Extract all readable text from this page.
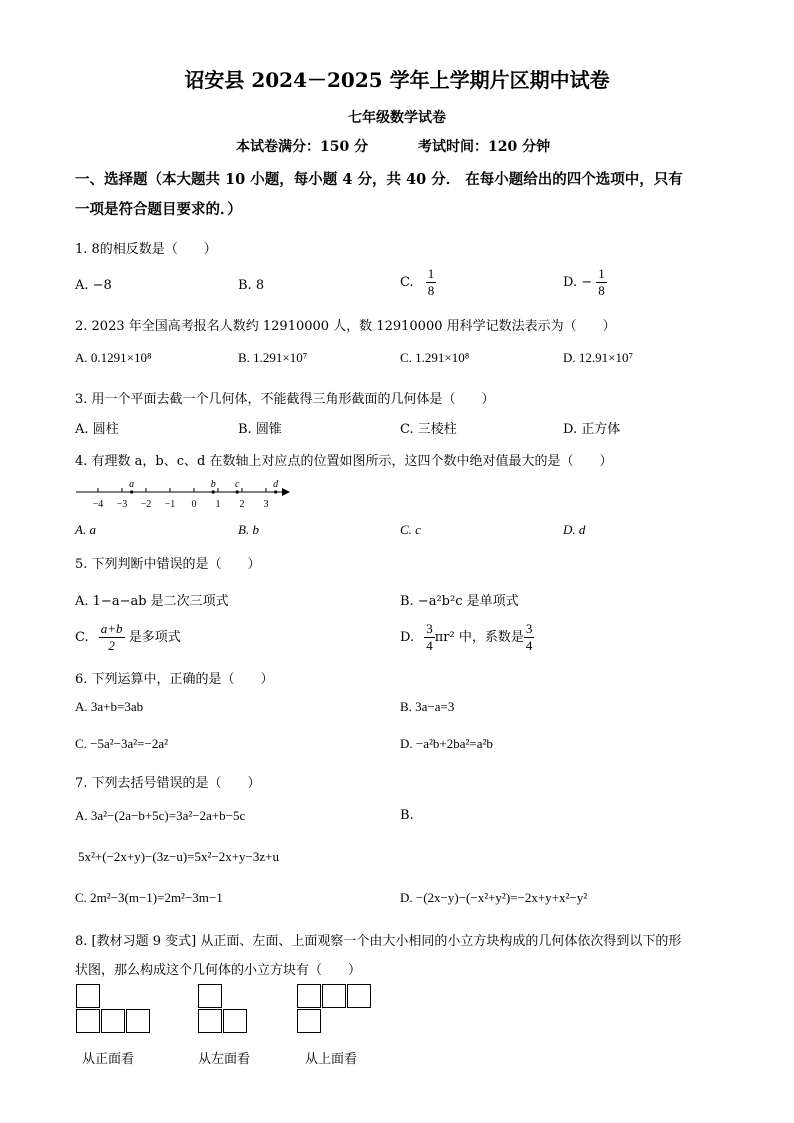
诏安县 2024－2025 学年上学期片区期中试卷
七年级数学试卷
本试卷满分：150 分	考试时间：120 分钟
一、选择题（本大题共 10 小题，每小题 4 分，共 40 分． 在每小题给出的四个选项中，只有
一项是符合题目要求的．）
1. 8的相反数是（　　）
A. −8	B. 8	C. $\frac{1}{8}$	D. − $\frac{1}{8}$
2. 2023 年全国高考报名人数约 12910000 人，数 12910000 用科学记数法表示为（　　）
A. 0.1291×10⁸	B. 1.291×10⁷	C. 1.291×10⁸	D. 12.91×10⁷
3. 用一个平面去截一个几何体，不能截得三角形截面的几何体是（　　）
A. 圆柱	B. 圆锥	C. 三棱柱	D. 正方体
4. 有理数 a，b、c、d 在数轴上对应点的位置如图所示，这四个数中绝对值最大的是（　　）
−4 −3 −2 −1 0 1 2 3
a	b c	d
A. a	B. b	C. c	D. d
5. 下列判断中错误的是（　　）
A. 1−a−ab 是二次三项式	B. −a²b²c 是单项式
C. $\frac{a+b}{2}$ 是多项式	D. $\frac{3}{4} \pi r^2$ 中，系数是 $\frac{3}{4}$
6. 下列运算中，正确的是（　　）
A. 3a+b=3ab	B. 3a−a=3
C. −5a²−3a²=−2a²	D. −a²b+2ba²=a²b
7. 下列去括号错误的是（　　）
A. 3a²−(2a−b+5c)=3a²−2a+b−5c	B.
5x²+(−2x+y)−(3z−u)=5x²−2x+y−3z+u
C. 2m²−3(m−1)=2m²−3m−1	D. −(2x−y)−(−x²+y²)=−2x+y+x²−y²
8. [教材习题 9 变式] 从正面、左面、上面观察一个由大小相同的小立方块构成的几何体依次得到以下的形
状图，那么构成这个几何体的小立方块有（　　）
从正面看	从左面看	从上面看
